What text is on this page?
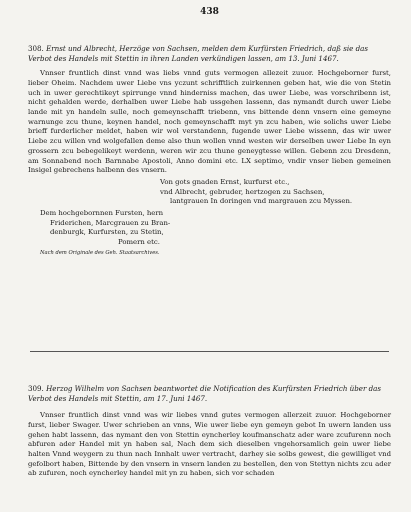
438

308. Ernst und Albrecht, Herzöge von Sachsen, melden dem Kurfürsten Friedrich, daß sie das Verbot des Handels mit Stettin in ihren Landen verkündigen lassen, am 13. Juni 1467.

Vnnser fruntlich dinst vnnd was liebs vnnd guts vermogen allezeit zuuor. Hochgeborner furst, lieber Oheim. Nachdem uwer Liebe vns yczunt schrifftlich zuirkennen geben hat, wie die von Stetin uch in uwer gerechtikeyt spirrunge vnnd hinderniss machen, das uwer Liebe, was vorschribenn ist, nicht gehalden werde, derhalben uwer Liebe hab ussgehen lassenn, das nymandt durch uwer Liebe lande mit yn handeln sulle, noch gemeynschafft triebenn, vns bittende denn vnsern eine gemeyne warnunge zcu thune, keynen handel, noch gemeynschafft myt yn zcu haben, wie solichs uwer Liebe brieff furderlicher meldet, haben wir wol verstandenn, fugende uwer Liebe wissenn, das wir uwer Liebe zcu willen vnd wolgefallen deme also thun wollen vnnd westen wir derselben uwer Liebe In eyn grossern zcu bebegelikeyt werdenn, weren wir zcu thune geneygtesse willen. Gebenn zcu Dresdenn, am Sonnabend noch Barnnabe Apostoli, Anno domini etc. LX septimo, vndir vnser lieben gemeinen Insigel gebrechens halbenn des vnsern.

Von gots gnaden Ernst, kurfurst etc.,
vnd Albrecht, gebruder, hertzogen zu Sachsen,
lantgrauen In doringen vnd margrauen zcu Myssen.
Dem hochgebornnen Fursten, hern
Friderichen, Marcgrauen zu Bran-
denburgk, Kurfursten, zu Stetin,
Pomern etc.
Nach dem Originale des Geh. Staatsarchives.

309. Herzog Wilhelm von Sachsen beantwortet die Notification des Kurfürsten Friedrich über das Verbot des Handels mit Stettin, am 17. Juni 1467.

Vnnser fruntlich dinst vnnd was wir liebes vnnd gutes vermogen allerzeit zuuor. Hochgeborner furst, lieber Swager. Uwer schrieben an vnns, Wie uwer liebe eyn gemeyn gebot In uwern landen uss gehen habt lassenn, das nymant den von Stettin eyncherley koufmanschatz ader ware zcufurenn noch abfuren ader Handel mit yn haben sal, Nach dem sich dieselben vngehorsamlich gein uwer liebe halten Vnnd weygern zu thun nach Innhalt uwer vertracht, darhey sie solbs gewest, die gewilliget vnd gefolbort haben, Bittende by den vnsern in vnsern landen zu bestellen, den von Stettyn nichts zcu ader ab zufuren, noch eyncherley handel mit yn zu haben, sich vor schaden
